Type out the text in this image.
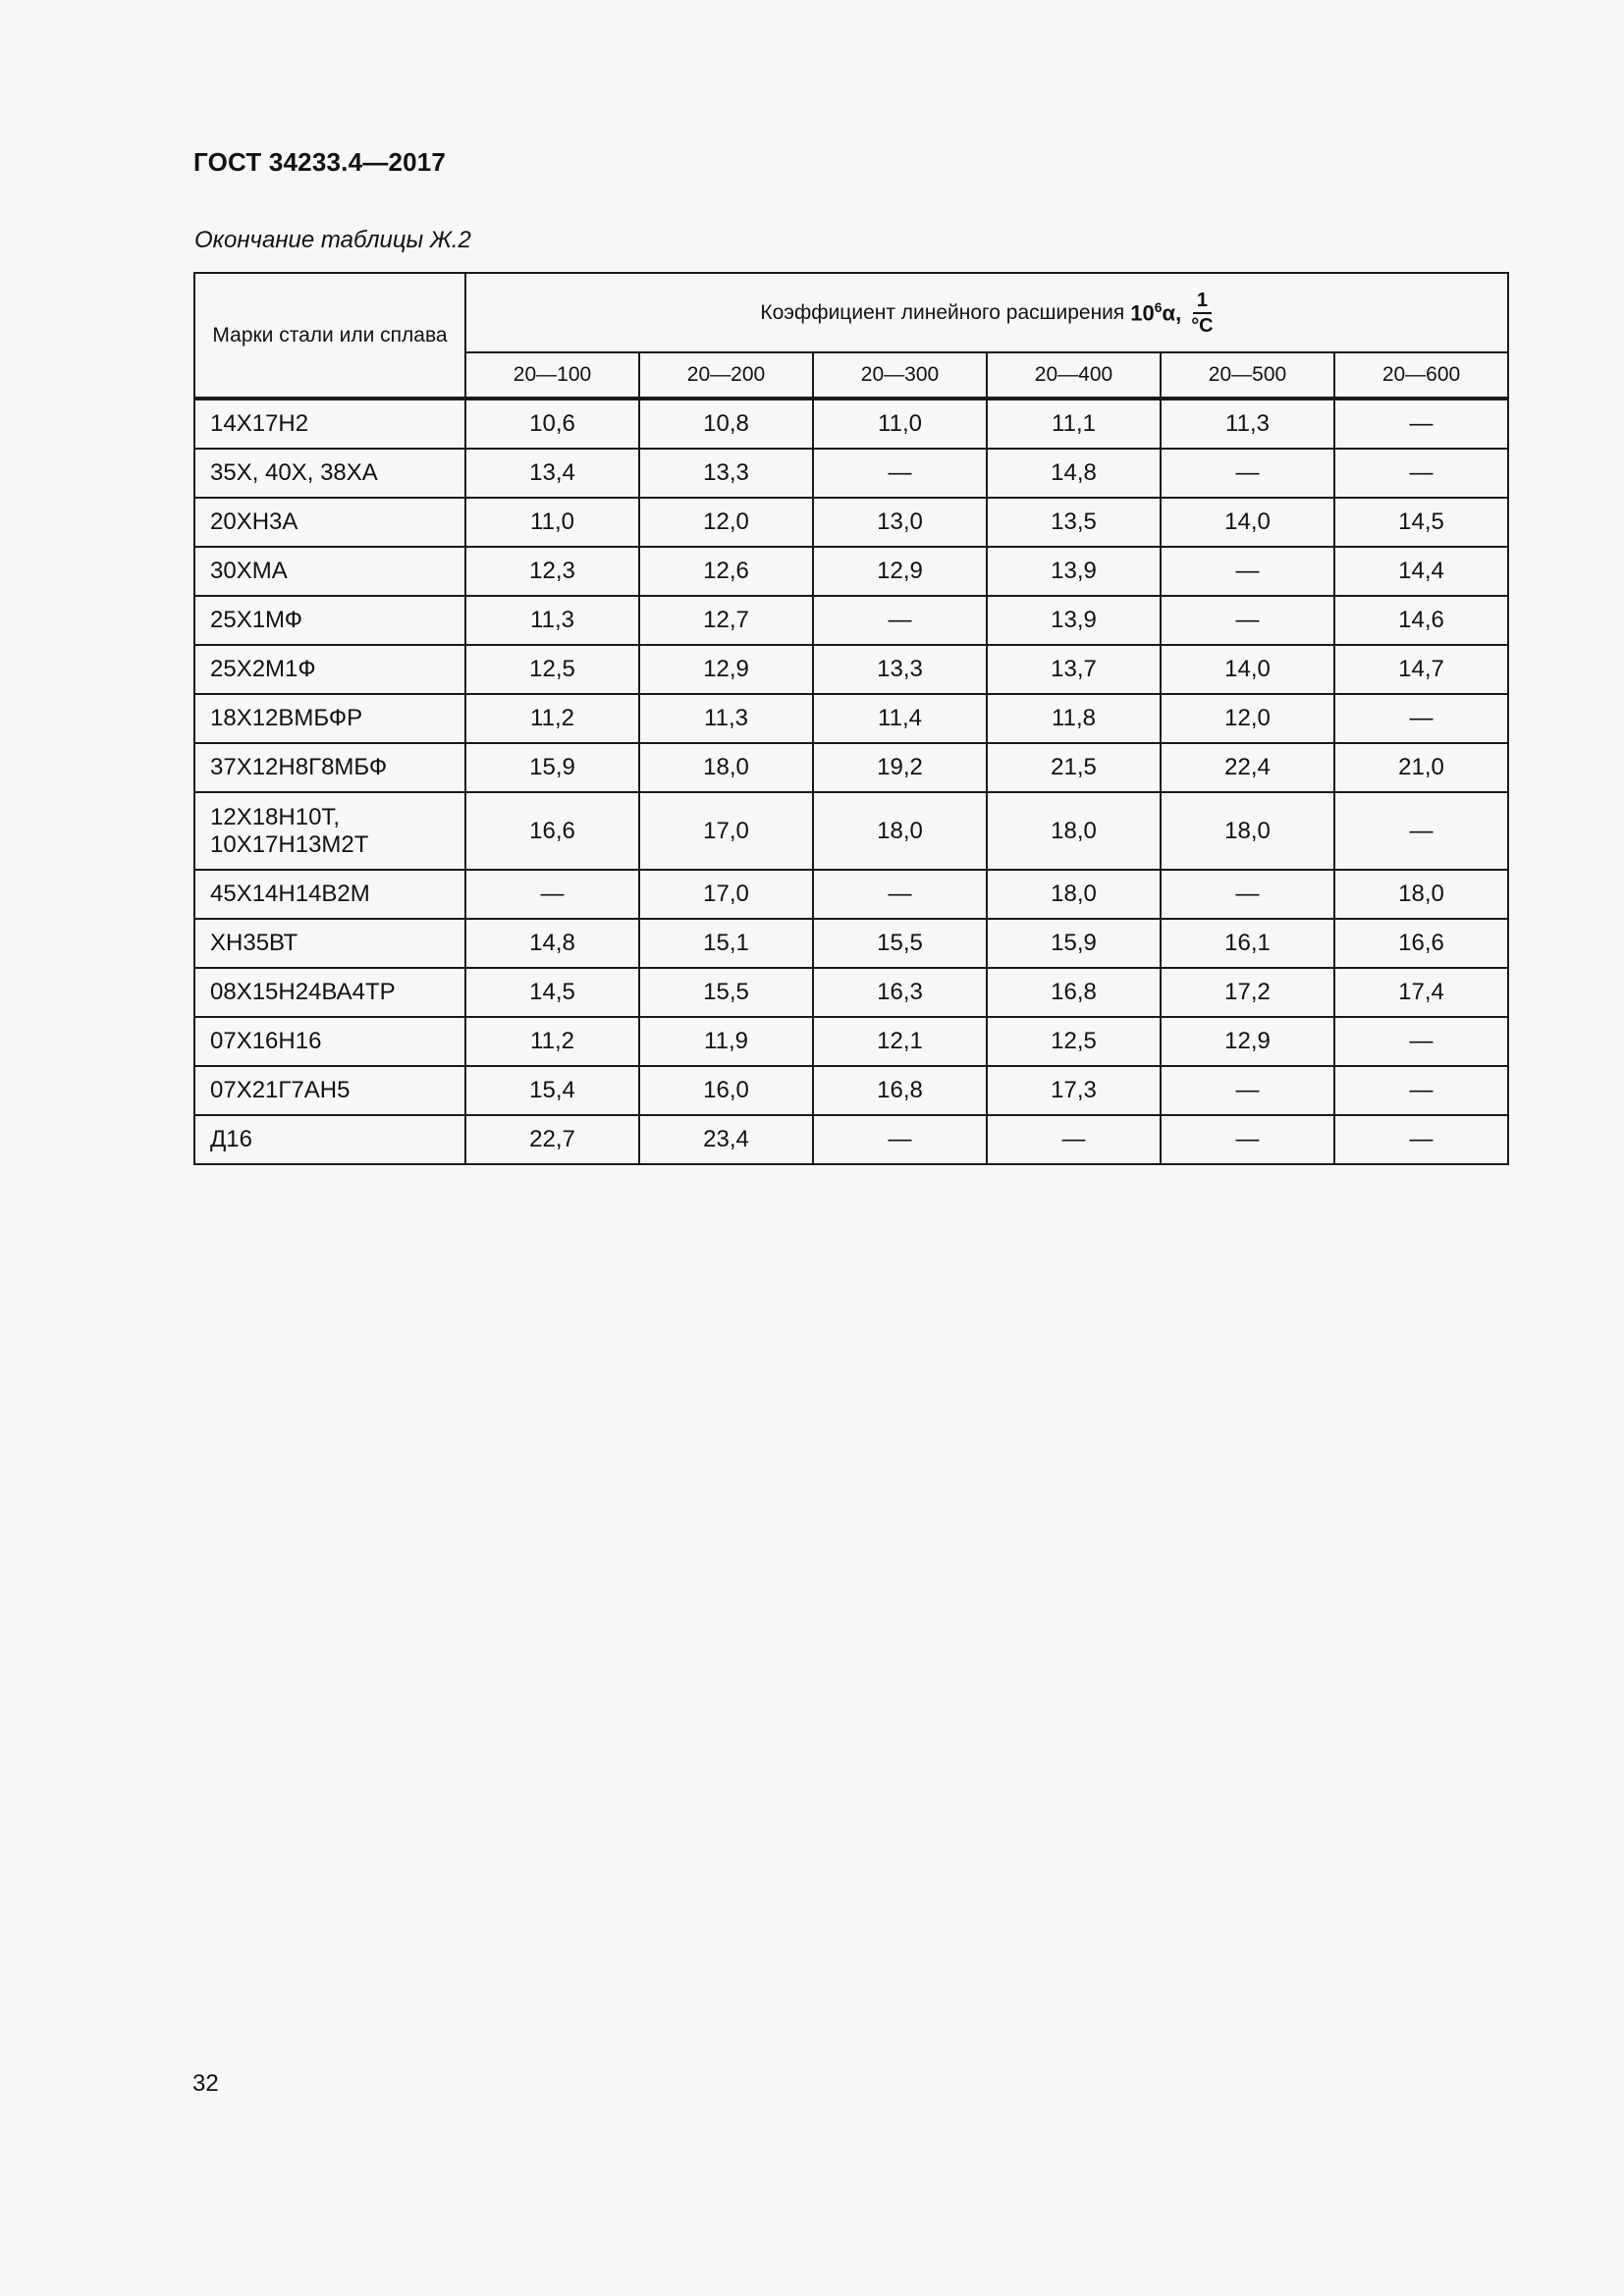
ГОСТ 34233.4—2017
Окончание таблицы Ж.2
Марки стали или сплава	Коэффициент линейного расширения $10^6\alpha$, $\frac{1}{^\circ C}$

	20—100	20—200	20—300	20—400	20—500	20—600
14Х17Н2	10,6	10,8	11,0	11,1	11,3	—
35Х, 40Х, 38ХА	13,4	13,3	—	14,8	—	—
20ХН3А	11,0	12,0	13,0	13,5	14,0	14,5
30ХМА	12,3	12,6	12,9	13,9	—	14,4
25Х1МФ	11,3	12,7	—	13,9	—	14,6
25Х2М1Ф	12,5	12,9	13,3	13,7	14,0	14,7
18Х12ВМБФР	11,2	11,3	11,4	11,8	12,0	—
37Х12Н8Г8МБФ	15,9	18,0	19,2	21,5	22,4	21,0
12Х18Н10Т,
10Х17Н13М2Т	16,6	17,0	18,0	18,0	18,0	—
45Х14Н14В2М	—	17,0	—	18,0	—	18,0
ХН35ВТ	14,8	15,1	15,5	15,9	16,1	16,6
08Х15Н24ВА4ТР	14,5	15,5	16,3	16,8	17,2	17,4
07Х16Н16	11,2	11,9	12,1	12,5	12,9	—
07Х21Г7АН5	15,4	16,0	16,8	17,3	—	—
Д16	22,7	23,4	—	—	—	—
32
